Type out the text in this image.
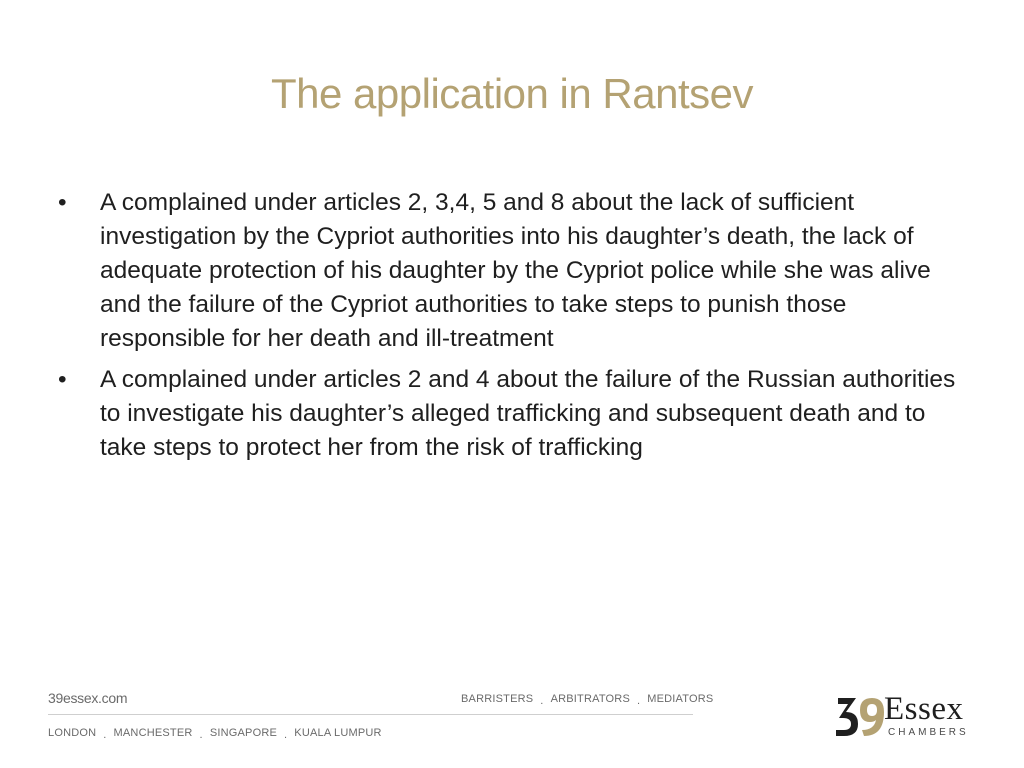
The application in Rantsev
•	A complained under articles 2, 3,4, 5 and 8 about the lack of sufficient investigation by the Cypriot authorities into his daughter’s death, the lack of adequate protection of his daughter by the Cypriot police while she was alive and the failure of the Cypriot authorities to take steps to punish those responsible for her death and ill-treatment
•	A complained under articles 2 and 4 about the failure of the Russian authorities to investigate his daughter’s alleged trafficking and subsequent death and to take steps to protect her from the risk of trafficking
39essex.com	BARRISTERS . ARBITRATORS . MEDIATORS
LONDON . MANCHESTER . SINGAPORE . KUALA LUMPUR
Essex
CHAMBERS
